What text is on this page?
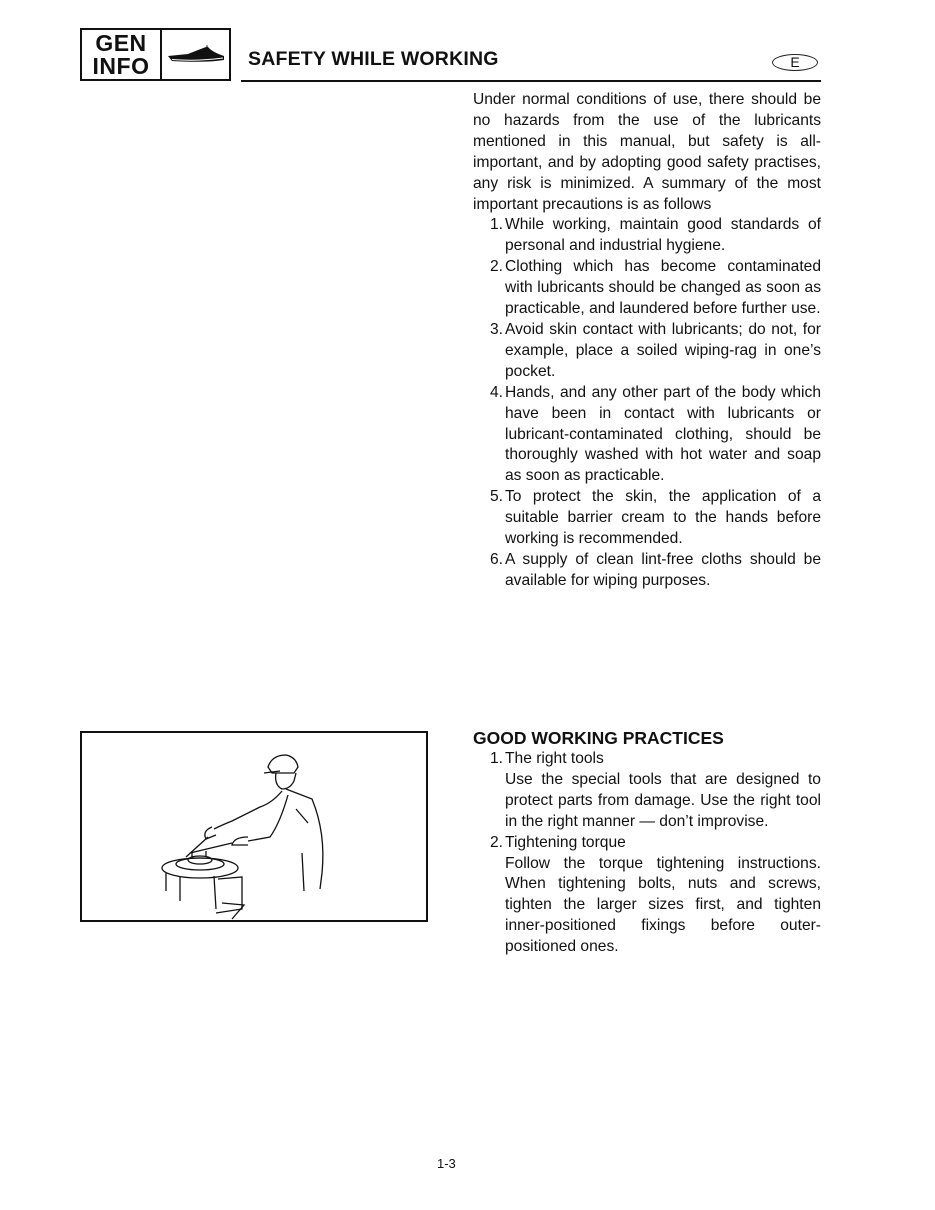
GEN
INFO	SAFETY WHILE WORKING	E

Under normal conditions of use, there should be no hazards from the use of the lubricants mentioned in this manual, but safety is all-important, and by adopting good safety practises, any risk is minimized. A summary of the most important precautions is as follows

1. While working, maintain good standards of personal and industrial hygiene.
2. Clothing which has become contaminated with lubricants should be changed as soon as practicable, and laundered before further use.
3. Avoid skin contact with lubricants; do not, for example, place a soiled wiping-rag in one’s pocket.
4. Hands, and any other part of the body which have been in contact with lubricants or lubricant-contaminated clothing, should be thoroughly washed with hot water and soap as soon as practicable.
5. To protect the skin, the application of a suitable barrier cream to the hands before working is recommended.
6. A supply of clean lint-free cloths should be available for wiping purposes.
GOOD WORKING PRACTICES
1. The right tools
Use the special tools that are designed to protect parts from damage. Use the right tool in the right manner — don’t improvise.
2. Tightening torque
Follow the torque tightening instructions. When tightening bolts, nuts and screws, tighten the larger sizes first, and tighten inner-positioned fixings before outer-positioned ones.
1-3
